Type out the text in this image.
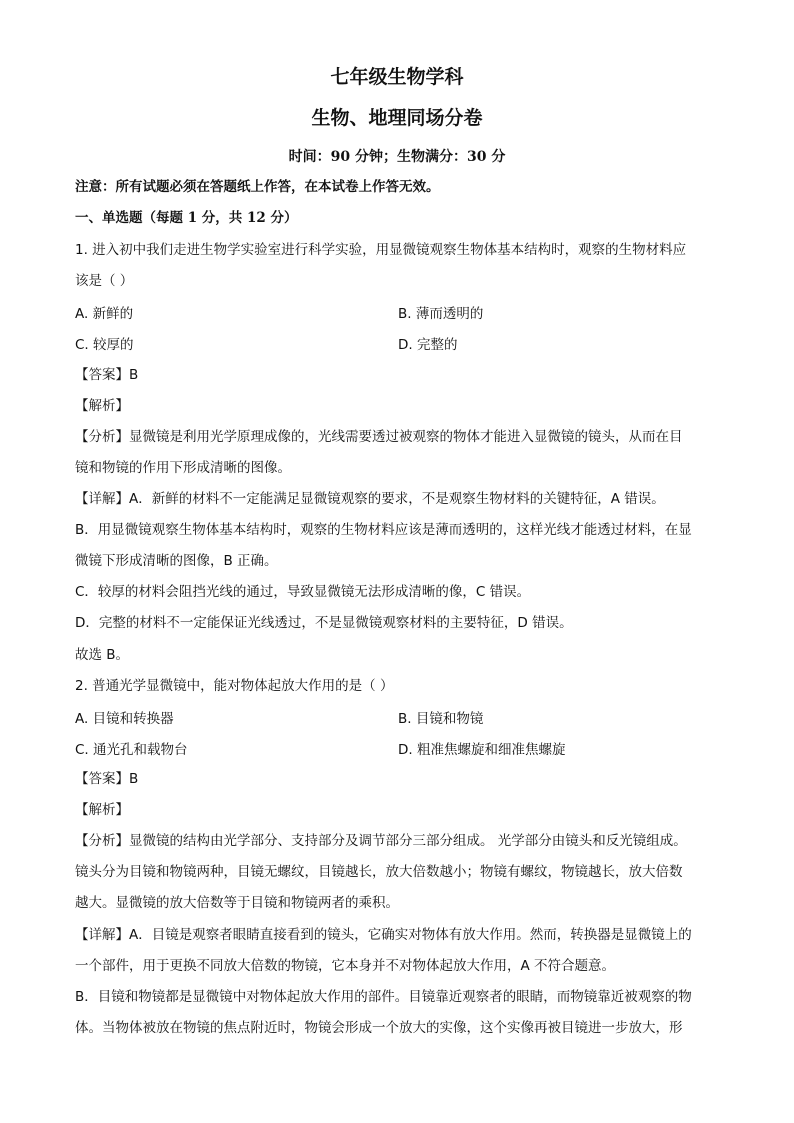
七年级生物学科
生物、地理同场分卷
时间：90 分钟；生物满分：30 分
注意：所有试题必须在答题纸上作答，在本试卷上作答无效。
一、单选题（每题 1 分，共 12 分）
1. 进入初中我们走进生物学实验室进行科学实验，用显微镜观察生物体基本结构时，观察的生物材料应
该是（ ）
A. 新鲜的	B. 薄而透明的
C. 较厚的	D. 完整的
【答案】B
【解析】
【分析】显微镜是利用光学原理成像的，光线需要透过被观察的物体才能进入显微镜的镜头，从而在目
镜和物镜的作用下形成清晰的图像。
【详解】A．新鲜的材料不一定能满足显微镜观察的要求，不是观察生物材料的关键特征，A 错误。
B．用显微镜观察生物体基本结构时，观察的生物材料应该是薄而透明的，这样光线才能透过材料，在显
微镜下形成清晰的图像，B 正确。
C．较厚的材料会阻挡光线的通过，导致显微镜无法形成清晰的像，C 错误。
D．完整的材料不一定能保证光线透过，不是显微镜观察材料的主要特征，D 错误。
故选 B。
2. 普通光学显微镜中，能对物体起放大作用的是（ ）
A. 目镜和转换器	B. 目镜和物镜
C. 通光孔和载物台	D. 粗准焦螺旋和细准焦螺旋
【答案】B
【解析】
【分析】显微镜的结构由光学部分、支持部分及调节部分三部分组成。 光学部分由镜头和反光镜组成。
镜头分为目镜和物镜两种，目镜无螺纹，目镜越长，放大倍数越小；物镜有螺纹，物镜越长，放大倍数
越大。显微镜的放大倍数等于目镜和物镜两者的乘积。
【详解】A．目镜是观察者眼睛直接看到的镜头，它确实对物体有放大作用。然而，转换器是显微镜上的
一个部件，用于更换不同放大倍数的物镜，它本身并不对物体起放大作用，A 不符合题意。
B．目镜和物镜都是显微镜中对物体起放大作用的部件。目镜靠近观察者的眼睛，而物镜靠近被观察的物
体。当物体被放在物镜的焦点附近时，物镜会形成一个放大的实像，这个实像再被目镜进一步放大，形
